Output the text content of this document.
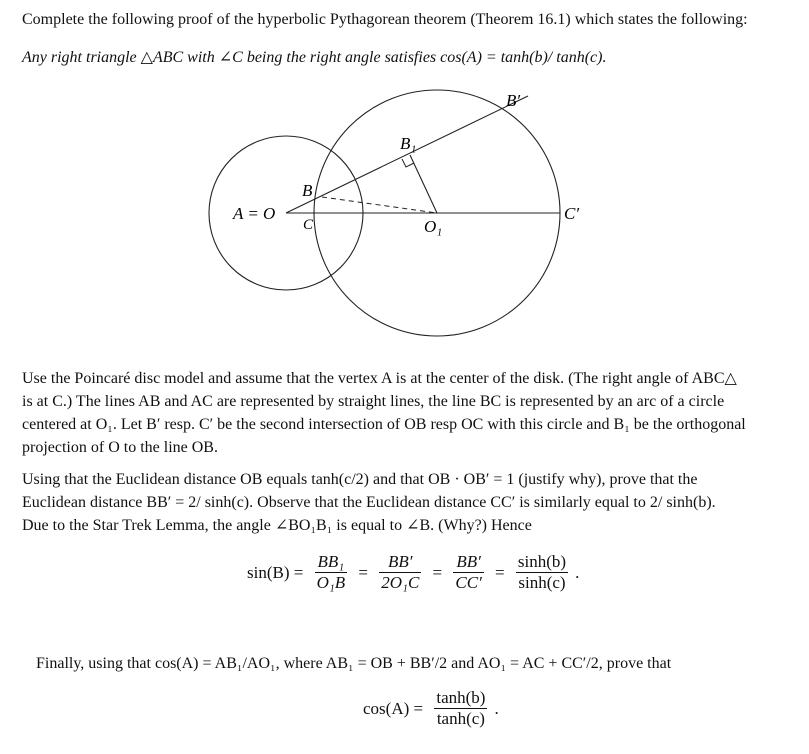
Complete the following proof of the hyperbolic Pythagorean theorem (Theorem 16.1) which states the following:
Any right triangle △ABC with ∠C being the right angle satisfies cos(A) = tanh(b)/ tanh(c).
B′
B₁
B
A = O
C	O₁
C′
Use the Poincaré disc model and assume that the vertex A is at the center of the disk. (The right angle of ABC△
is at C.) The lines AB and AC are represented by straight lines, the line BC is represented by an arc of a circle
centered at O₁. Let B′ resp. C′ be the second intersection of OB resp OC with this circle and B₁ be the orthogonal
projection of O to the line OB.
Using that the Euclidean distance OB equals tanh(c/2) and that OB · OB′ = 1 (justify why), prove that the
Euclidean distance BB′ = 2/ sinh(c). Observe that the Euclidean distance CC′ is similarly equal to 2/ sinh(b).
Due to the Star Trek Lemma, the angle ∠BO₁B₁ is equal to ∠B. (Why?) Hence
$\sin(B) = \frac{\text{BB₁}}{\text{O₁B}} = \frac{BB'}{\text{2O₁C}} = \frac{BB'}{CC'} = \frac{\sinh(b)}{\sinh(c)}$ .
Finally, using that cos(A) = AB₁/AO₁, where AB₁ = OB + BB′/2 and AO₁ = AC + CC′/2, prove that
$\cos(A) = \frac{\tanh(b)}{\tanh(c)}$ .
